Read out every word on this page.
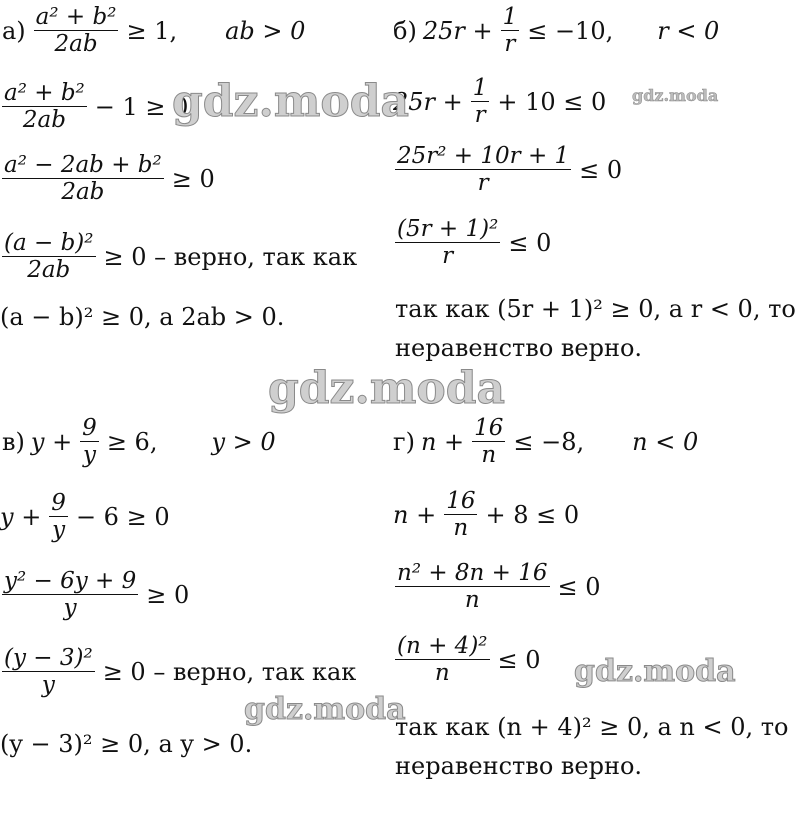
$а) \frac{\text{a² + b²}}{2ab} \ge 1$, ab > 0
$\frac{\text{a² + b²}}{2ab} - 1 \ge 0$
$\frac{\text{a² − 2ab + b²}}{2ab} \ge 0$
$\frac{\text{(a − b)²}}{2ab} \ge 0$ – верно, так как
(a − b)² ≥ 0, а 2ab > 0.
б) $25r + \frac{1}{r} \le -10$, r < 0
$25r + \frac{1}{r} + 10 \le 0$
$\frac{\text{25r² + 10r + 1}}{r} \le 0$
$\frac{\text{(5r + 1)²}}{r} \le 0$
так как (5r + 1)² ≥ 0, а r < 0, то
неравенство верно.
в) $y + \frac{9}{y} \ge 6$, y > 0
$y + \frac{9}{y} - 6 \ge 0$
$\frac{\text{y² − 6y + 9}}{y} \ge 0$
$\frac{\text{(y − 3)²}}{y} \ge 0$ – верно, так как
(y − 3)² ≥ 0, а y > 0.
г) $n + \frac{16}{n} \le -8$, n < 0
$n + \frac{16}{n} + 8 \le 0$
$\frac{\text{n² + 8n + 16}}{n} \le 0$
$\frac{\text{(n + 4)²}}{n} \le 0$
так как (n + 4)² ≥ 0, а n < 0, то
неравенство верно.
gdz.moda	gdz.moda
gdz.moda
gdz.moda
gdz.moda
